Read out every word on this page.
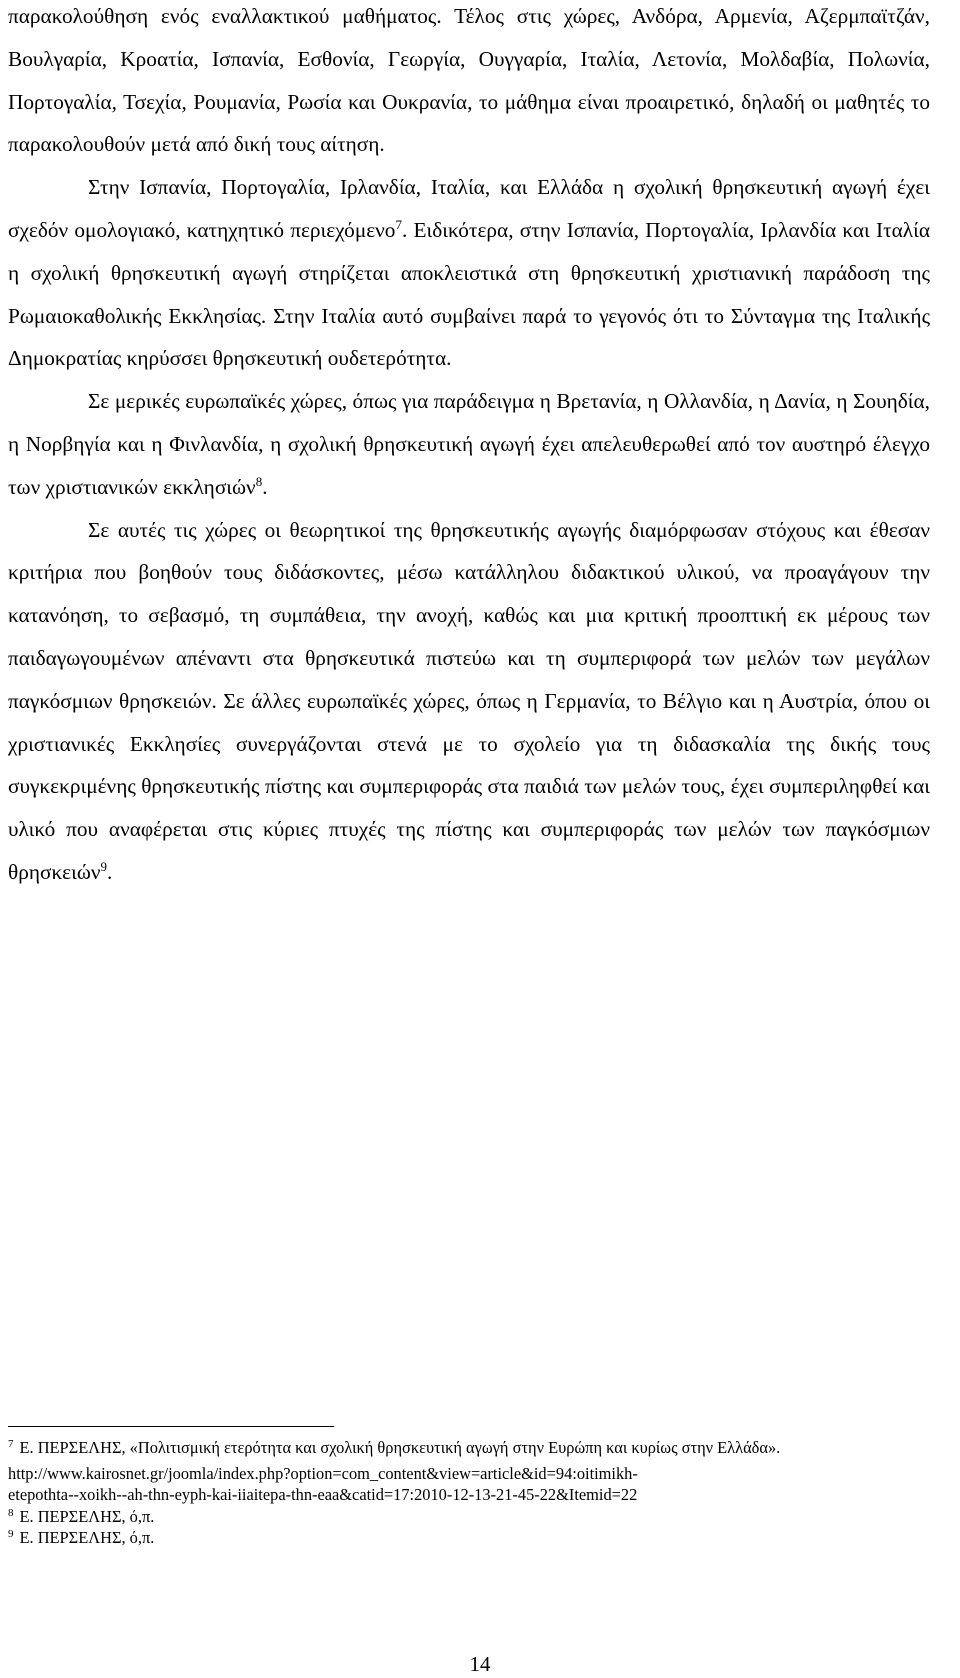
παρακολούθηση ενός εναλλακτικού μαθήματος. Τέλος στις χώρες, Ανδόρα, Αρμενία, Αζερμπαϊτζάν, Βουλγαρία, Κροατία, Ισπανία, Εσθονία, Γεωργία, Ουγγαρία, Ιταλία, Λετονία, Μολδαβία, Πολωνία, Πορτογαλία, Τσεχία, Ρουμανία, Ρωσία και Ουκρανία, το μάθημα είναι προαιρετικό, δηλαδή οι μαθητές το παρακολουθούν μετά από δική τους αίτηση.

Στην Ισπανία, Πορτογαλία, Ιρλανδία, Ιταλία, και Ελλάδα η σχολική θρησκευτική αγωγή έχει σχεδόν ομολογιακό, κατηχητικό περιεχόμενο$^7$. Ειδικότερα, στην Ισπανία, Πορτογαλία, Ιρλανδία και Ιταλία η σχολική θρησκευτική αγωγή στηρίζεται αποκλειστικά στη θρησκευτική χριστιανική παράδοση της Ρωμαιοκαθολικής Εκκλησίας. Στην Ιταλία αυτό συμβαίνει παρά το γεγονός ότι το Σύνταγμα της Ιταλικής Δημοκρατίας κηρύσσει θρησκευτική ουδετερότητα.

Σε μερικές ευρωπαϊκές χώρες, όπως για παράδειγμα η Βρετανία, η Ολλανδία, η Δανία, η Σουηδία, η Νορβηγία και η Φινλανδία, η σχολική θρησκευτική αγωγή έχει απελευθερωθεί από τον αυστηρό έλεγχο των χριστιανικών εκκλησιών$^8$.

Σε αυτές τις χώρες οι θεωρητικοί της θρησκευτικής αγωγής διαμόρφωσαν στόχους και έθεσαν κριτήρια που βοηθούν τους διδάσκοντες, μέσω κατάλληλου διδακτικού υλικού, να προαγάγουν την κατανόηση, το σεβασμό, τη συμπάθεια, την ανοχή, καθώς και μια κριτική προοπτική εκ μέρους των παιδαγωγουμένων απέναντι στα θρησκευτικά πιστεύω και τη συμπεριφορά των μελών των μεγάλων παγκόσμιων θρησκειών. Σε άλλες ευρωπαϊκές χώρες, όπως η Γερμανία, το Βέλγιο και η Αυστρία, όπου οι χριστιανικές Εκκλησίες συνεργάζονται στενά με το σχολείο για τη διδασκαλία της δικής τους συγκεκριμένης θρησκευτικής πίστης και συμπεριφοράς στα παιδιά των μελών τους, έχει συμπεριληφθεί και υλικό που αναφέρεται στις κύριες πτυχές της πίστης και συμπεριφοράς των μελών των παγκόσμιων θρησκειών$^9$.

$^7$ Ε. ΠΕΡΣΕΛΗΣ, «Πολιτισμική ετερότητα και σχολική θρησκευτική αγωγή στην Ευρώπη και κυρίως στην Ελλάδα».

http://www.kairosnet.gr/joomla/index.php?option=com_content&view=article&id=94:oitimikh-
etepothta--xoikh--ah-thn-eyph-kai-iiaitepa-thn-eaa&catid=17:2010-12-13-21-45-22&Itemid=22

$^8$ Ε. ΠΕΡΣΕΛΗΣ, ό,π.

$^9$ Ε. ΠΕΡΣΕΛΗΣ, ό,π.

14
